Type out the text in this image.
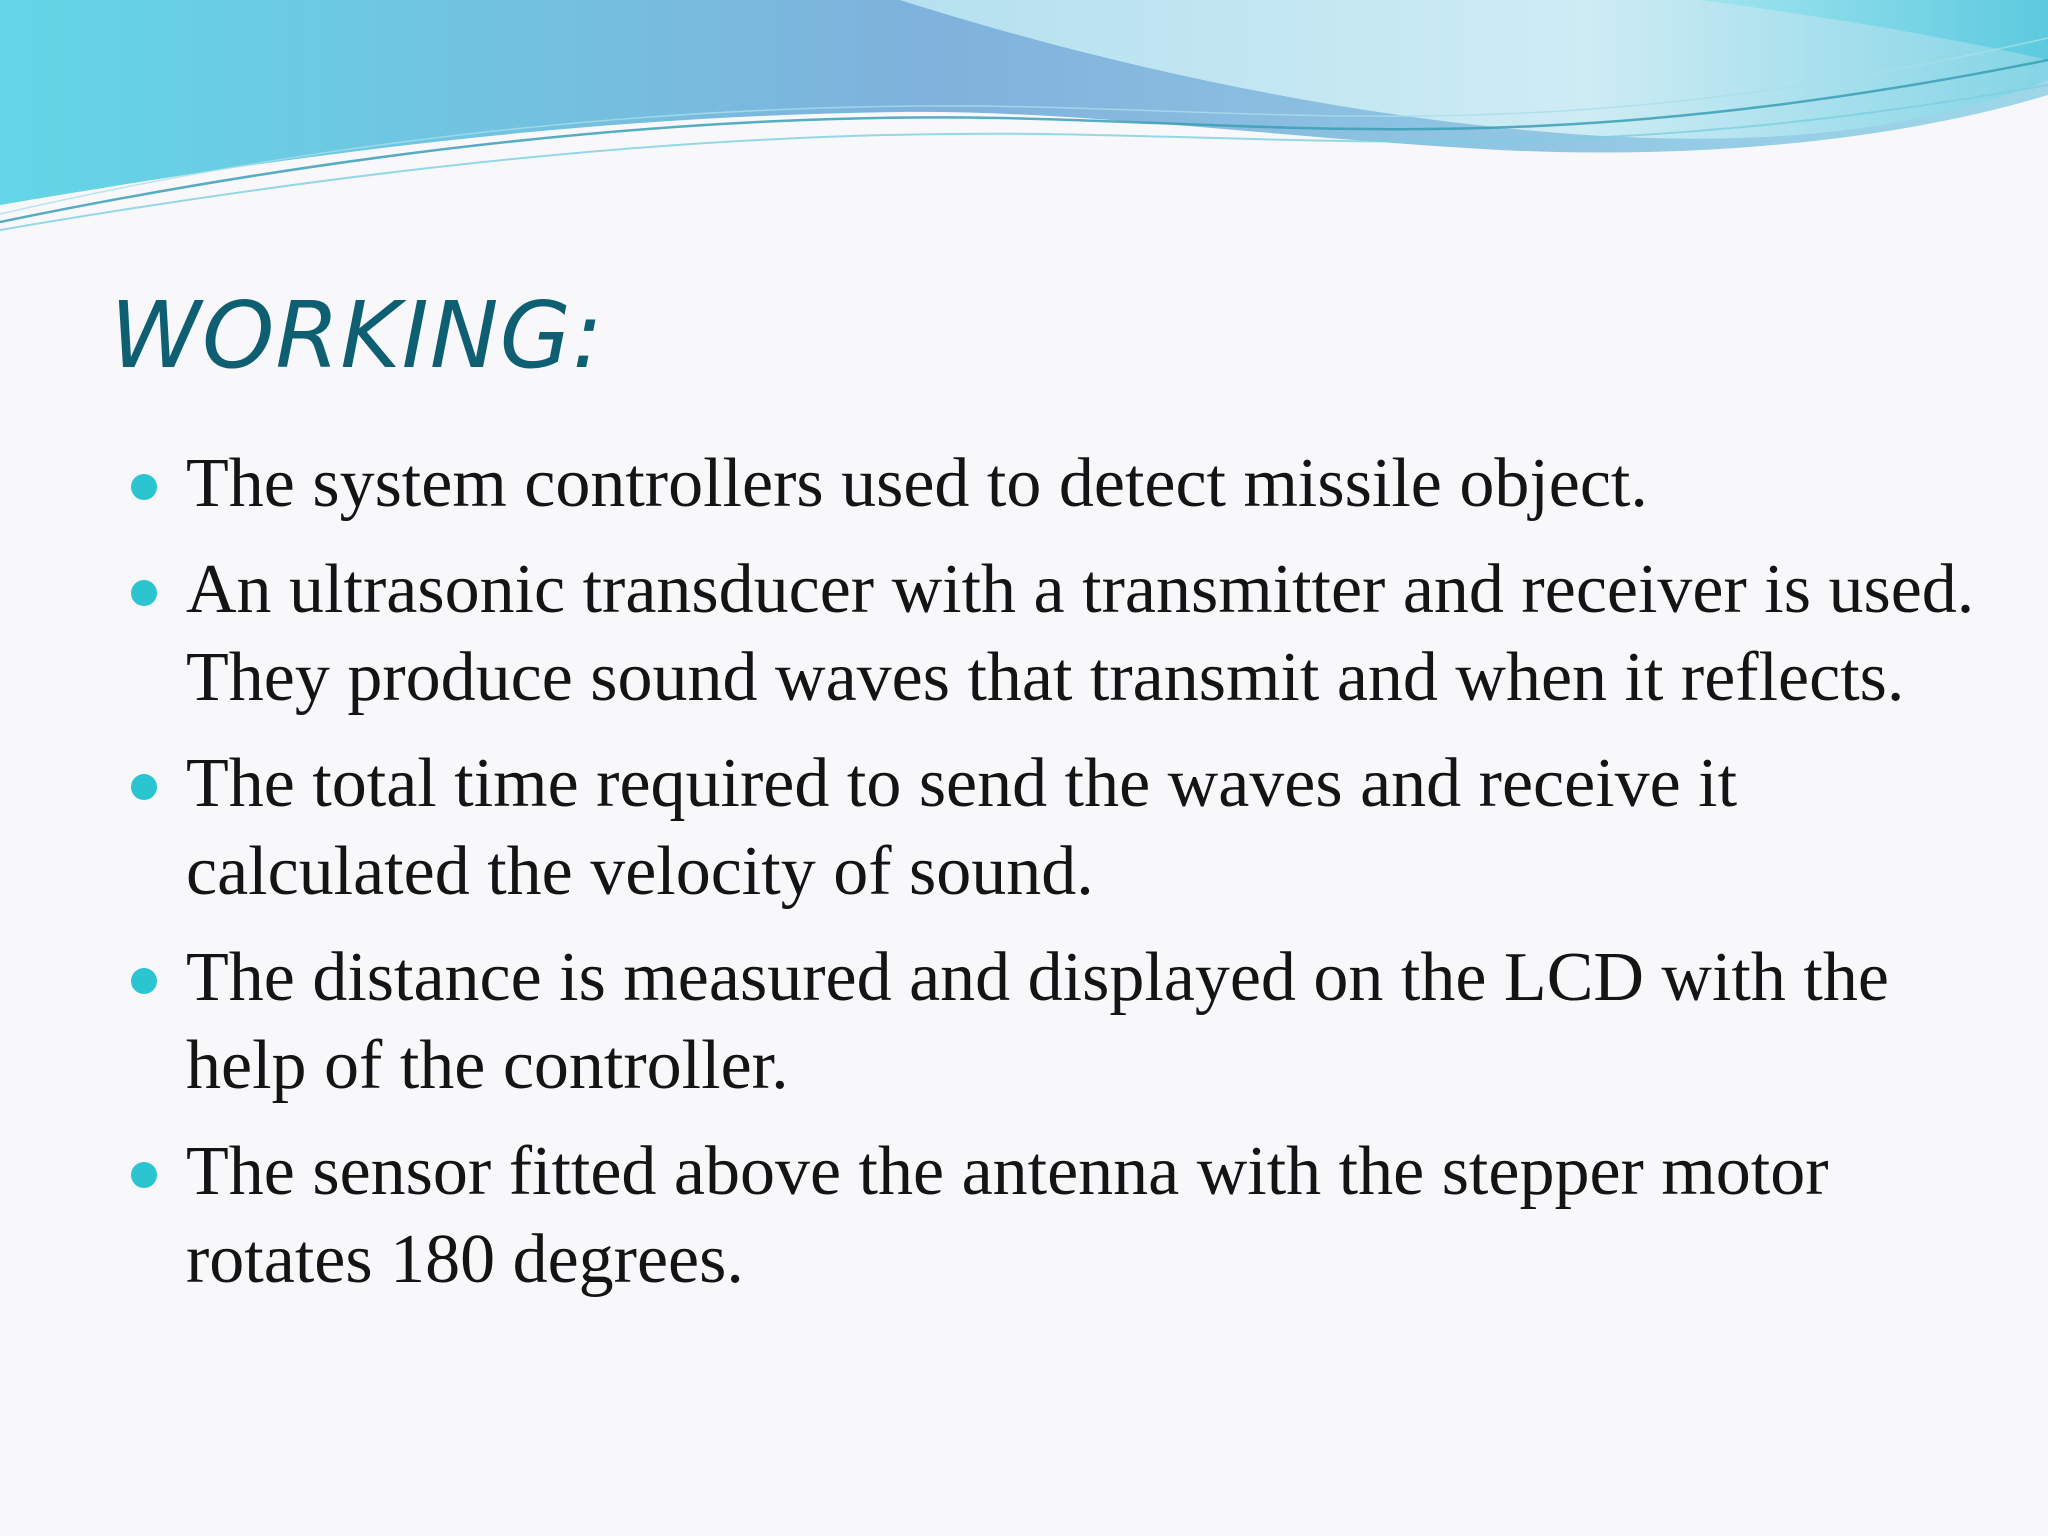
WORKING:
The system controllers used to detect missile object.
An ultrasonic transducer with a transmitter and receiver is used. They produce sound waves that transmit and when it reflects.
The total time required to send the waves and receive it calculated the velocity of sound.
The distance is measured and displayed on the LCD with the help of the controller.
The sensor fitted above the antenna with the stepper motor rotates 180 degrees.
